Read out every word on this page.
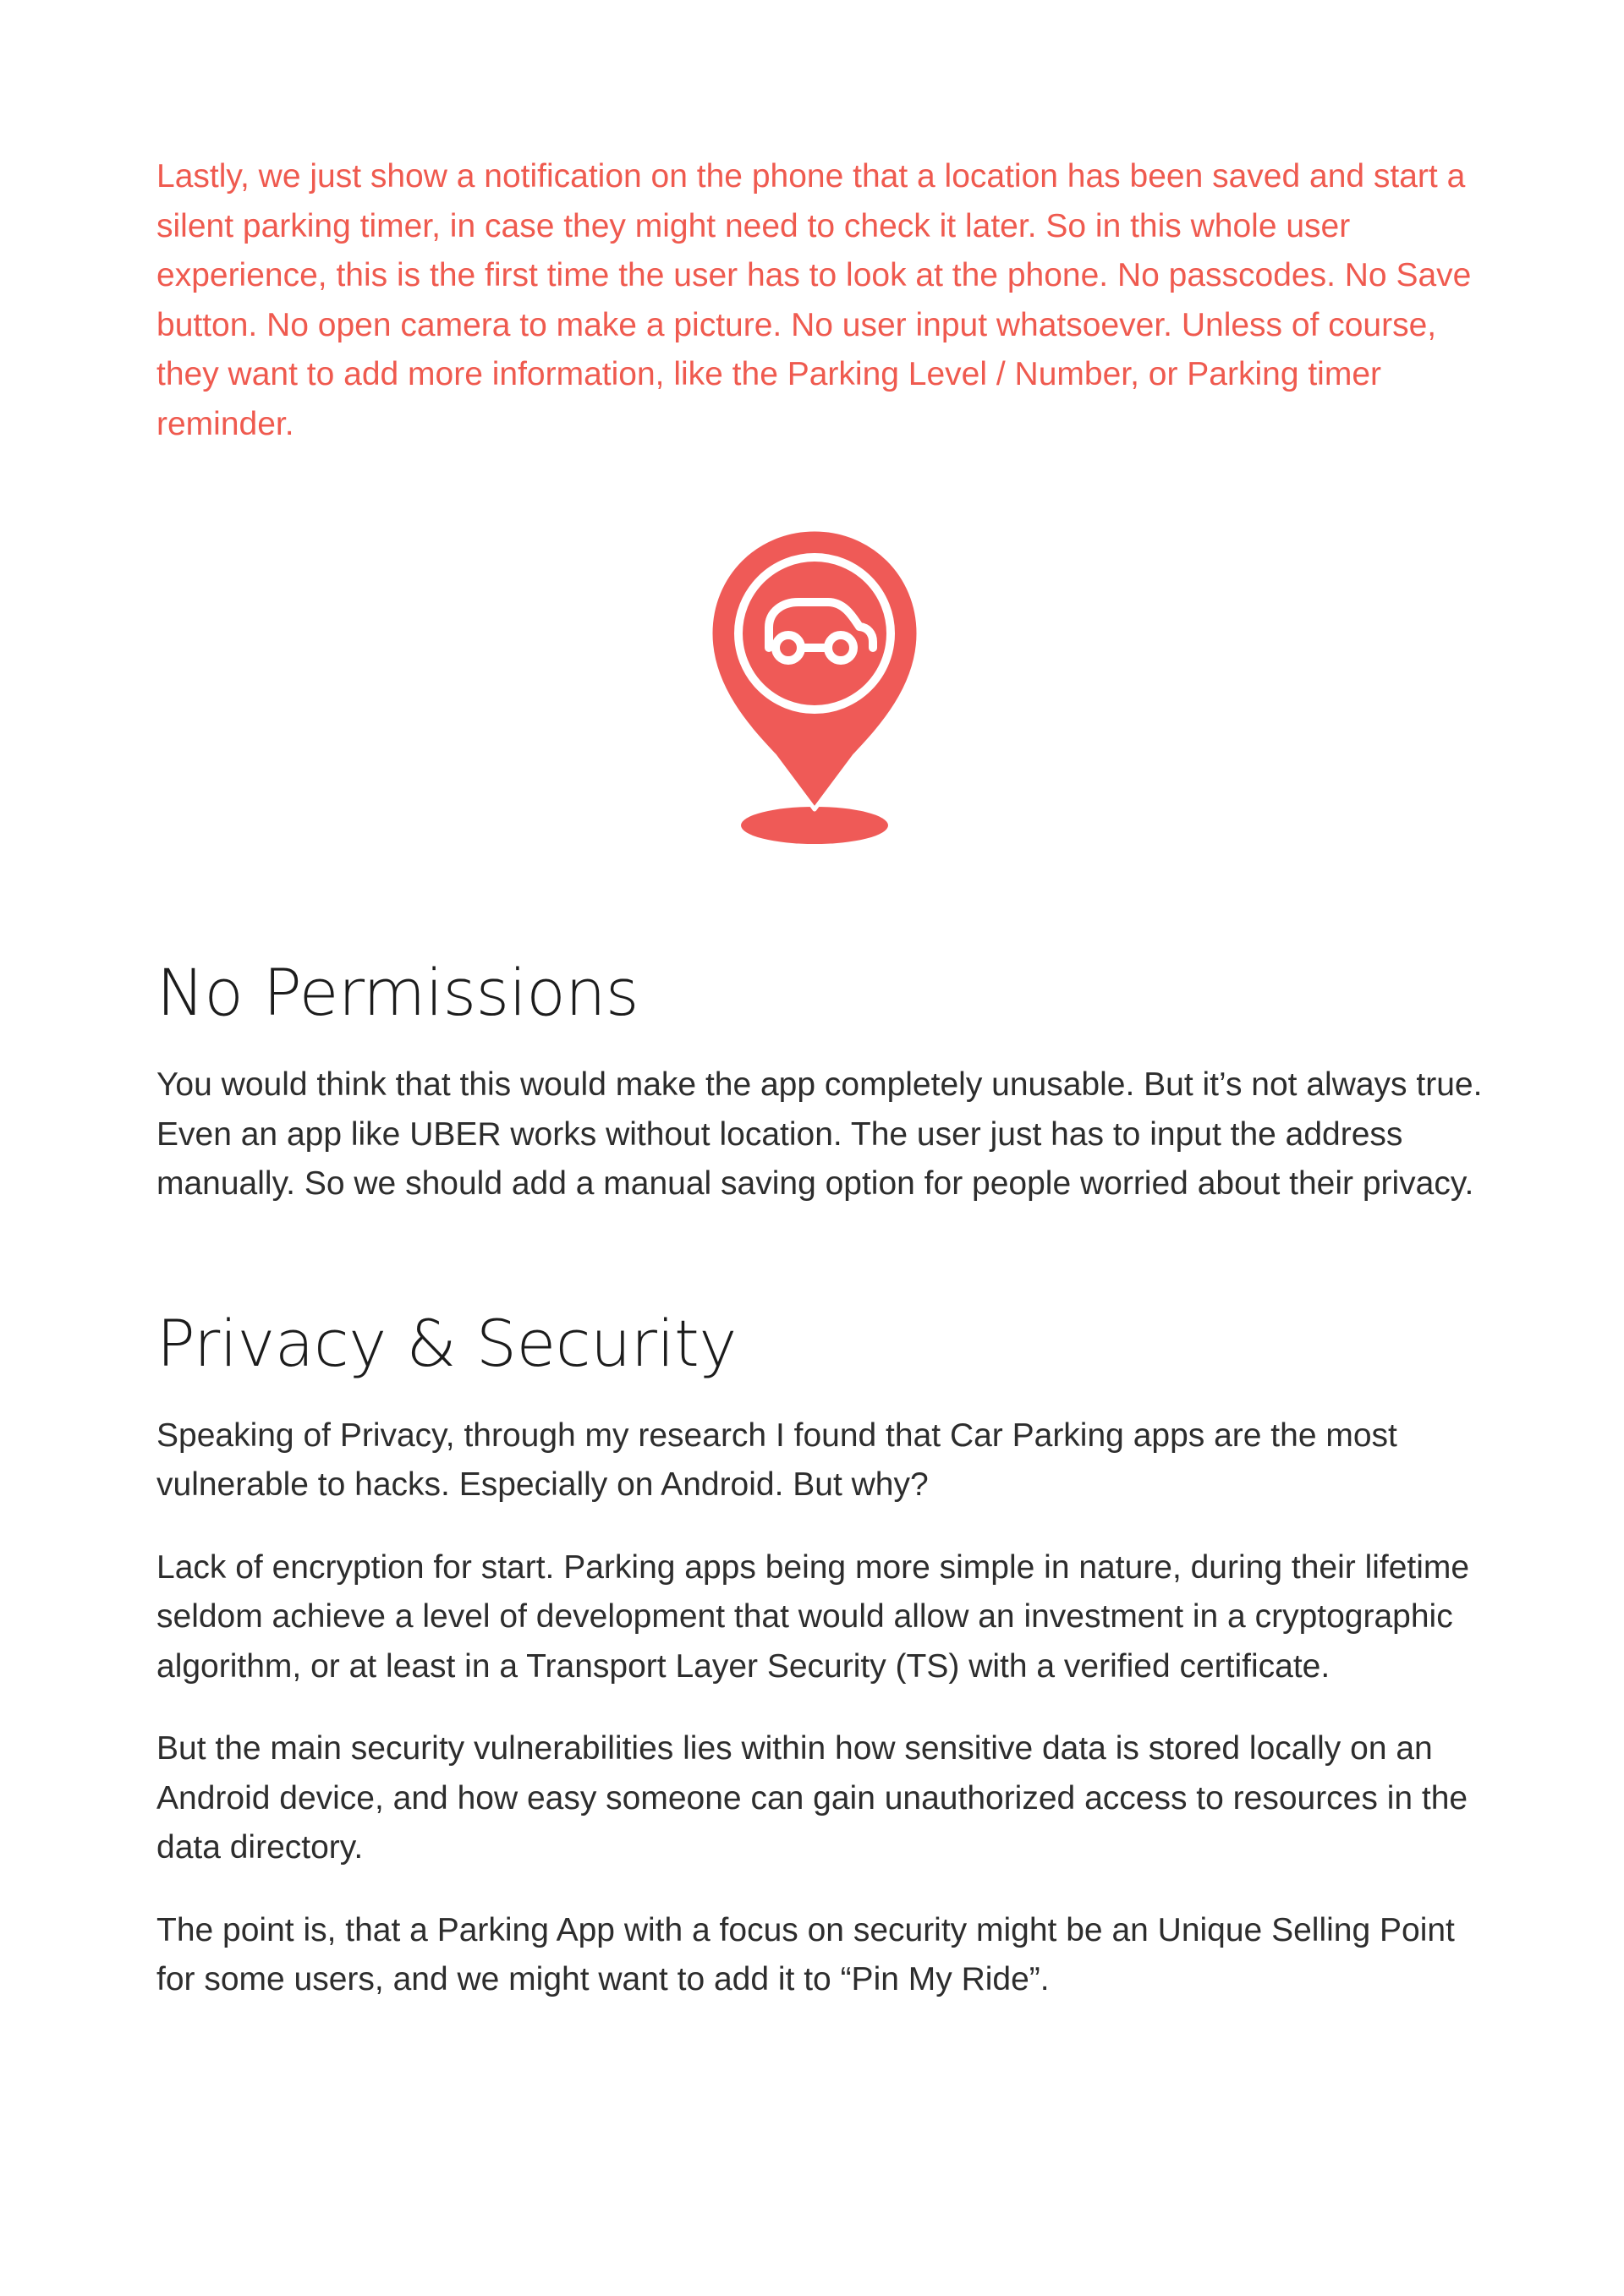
Lastly, we just show a notification on the phone that a location has been saved and start a silent parking timer, in case they might need to check it later. So in this whole user experience, this is the first time the user has to look at the phone. No passcodes. No Save button. No open camera to make a picture. No user input whatsoever. Unless of course, they want to add more information, like the Parking Level / Number, or Parking timer reminder.

No Permissions

You would think that this would make the app completely unusable. But it’s not always true. Even an app like UBER works without location. The user just has to input the address manually. So we should add a manual saving option for people worried about their privacy.

Privacy & Security

Speaking of Privacy, through my research I found that Car Parking apps are the most vulnerable to hacks. Especially on Android. But why?

Lack of encryption for start. Parking apps being more simple in nature, during their lifetime seldom achieve a level of development that would allow an investment in a cryptographic algorithm, or at least in a Transport Layer Security (TS) with a verified certificate.

But the main security vulnerabilities lies within how sensitive data is stored locally on an Android device, and how easy someone can gain unauthorized access to resources in the data directory.

The point is, that a Parking App with a focus on security might be an Unique Selling Point for some users, and we might want to add it to “Pin My Ride”.
